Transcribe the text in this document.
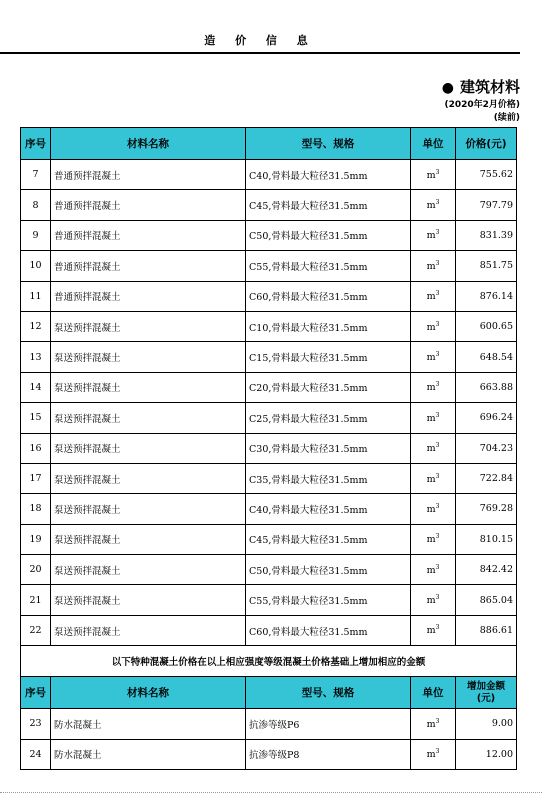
造 价 信 息
● 建筑材料
(2020年2月价格)
(续前)
序号	材料名称	型号、规格	单位	价格(元)
7	普通预拌混凝土	C40,骨料最大粒径31.5mm	$m^3$	755.62
8	普通预拌混凝土	C45,骨料最大粒径31.5mm	$m^3$	797.79
9	普通预拌混凝土	C50,骨料最大粒径31.5mm	$m^3$	831.39
10	普通预拌混凝土	C55,骨料最大粒径31.5mm	$m^3$	851.75
11	普通预拌混凝土	C60,骨料最大粒径31.5mm	$m^3$	876.14
12	泵送预拌混凝土	C10,骨料最大粒径31.5mm	$m^3$	600.65
13	泵送预拌混凝土	C15,骨料最大粒径31.5mm	$m^3$	648.54
14	泵送预拌混凝土	C20,骨料最大粒径31.5mm	$m^3$	663.88
15	泵送预拌混凝土	C25,骨料最大粒径31.5mm	$m^3$	696.24
16	泵送预拌混凝土	C30,骨料最大粒径31.5mm	$m^3$	704.23
17	泵送预拌混凝土	C35,骨料最大粒径31.5mm	$m^3$	722.84
18	泵送预拌混凝土	C40,骨料最大粒径31.5mm	$m^3$	769.28
19	泵送预拌混凝土	C45,骨料最大粒径31.5mm	$m^3$	810.15
20	泵送预拌混凝土	C50,骨料最大粒径31.5mm	$m^3$	842.42
21	泵送预拌混凝土	C55,骨料最大粒径31.5mm	$m^3$	865.04
22	泵送预拌混凝土	C60,骨料最大粒径31.5mm	$m^3$	886.61
以下特种混凝土价格在以上相应强度等级混凝土价格基础上增加相应的金额				
序号	材料名称	型号、规格	单位	增加金额
(元)
23	防水混凝土	抗渗等级P6	$m^3$	9.00
24	防水混凝土	抗渗等级P8	$m^3$	12.00
